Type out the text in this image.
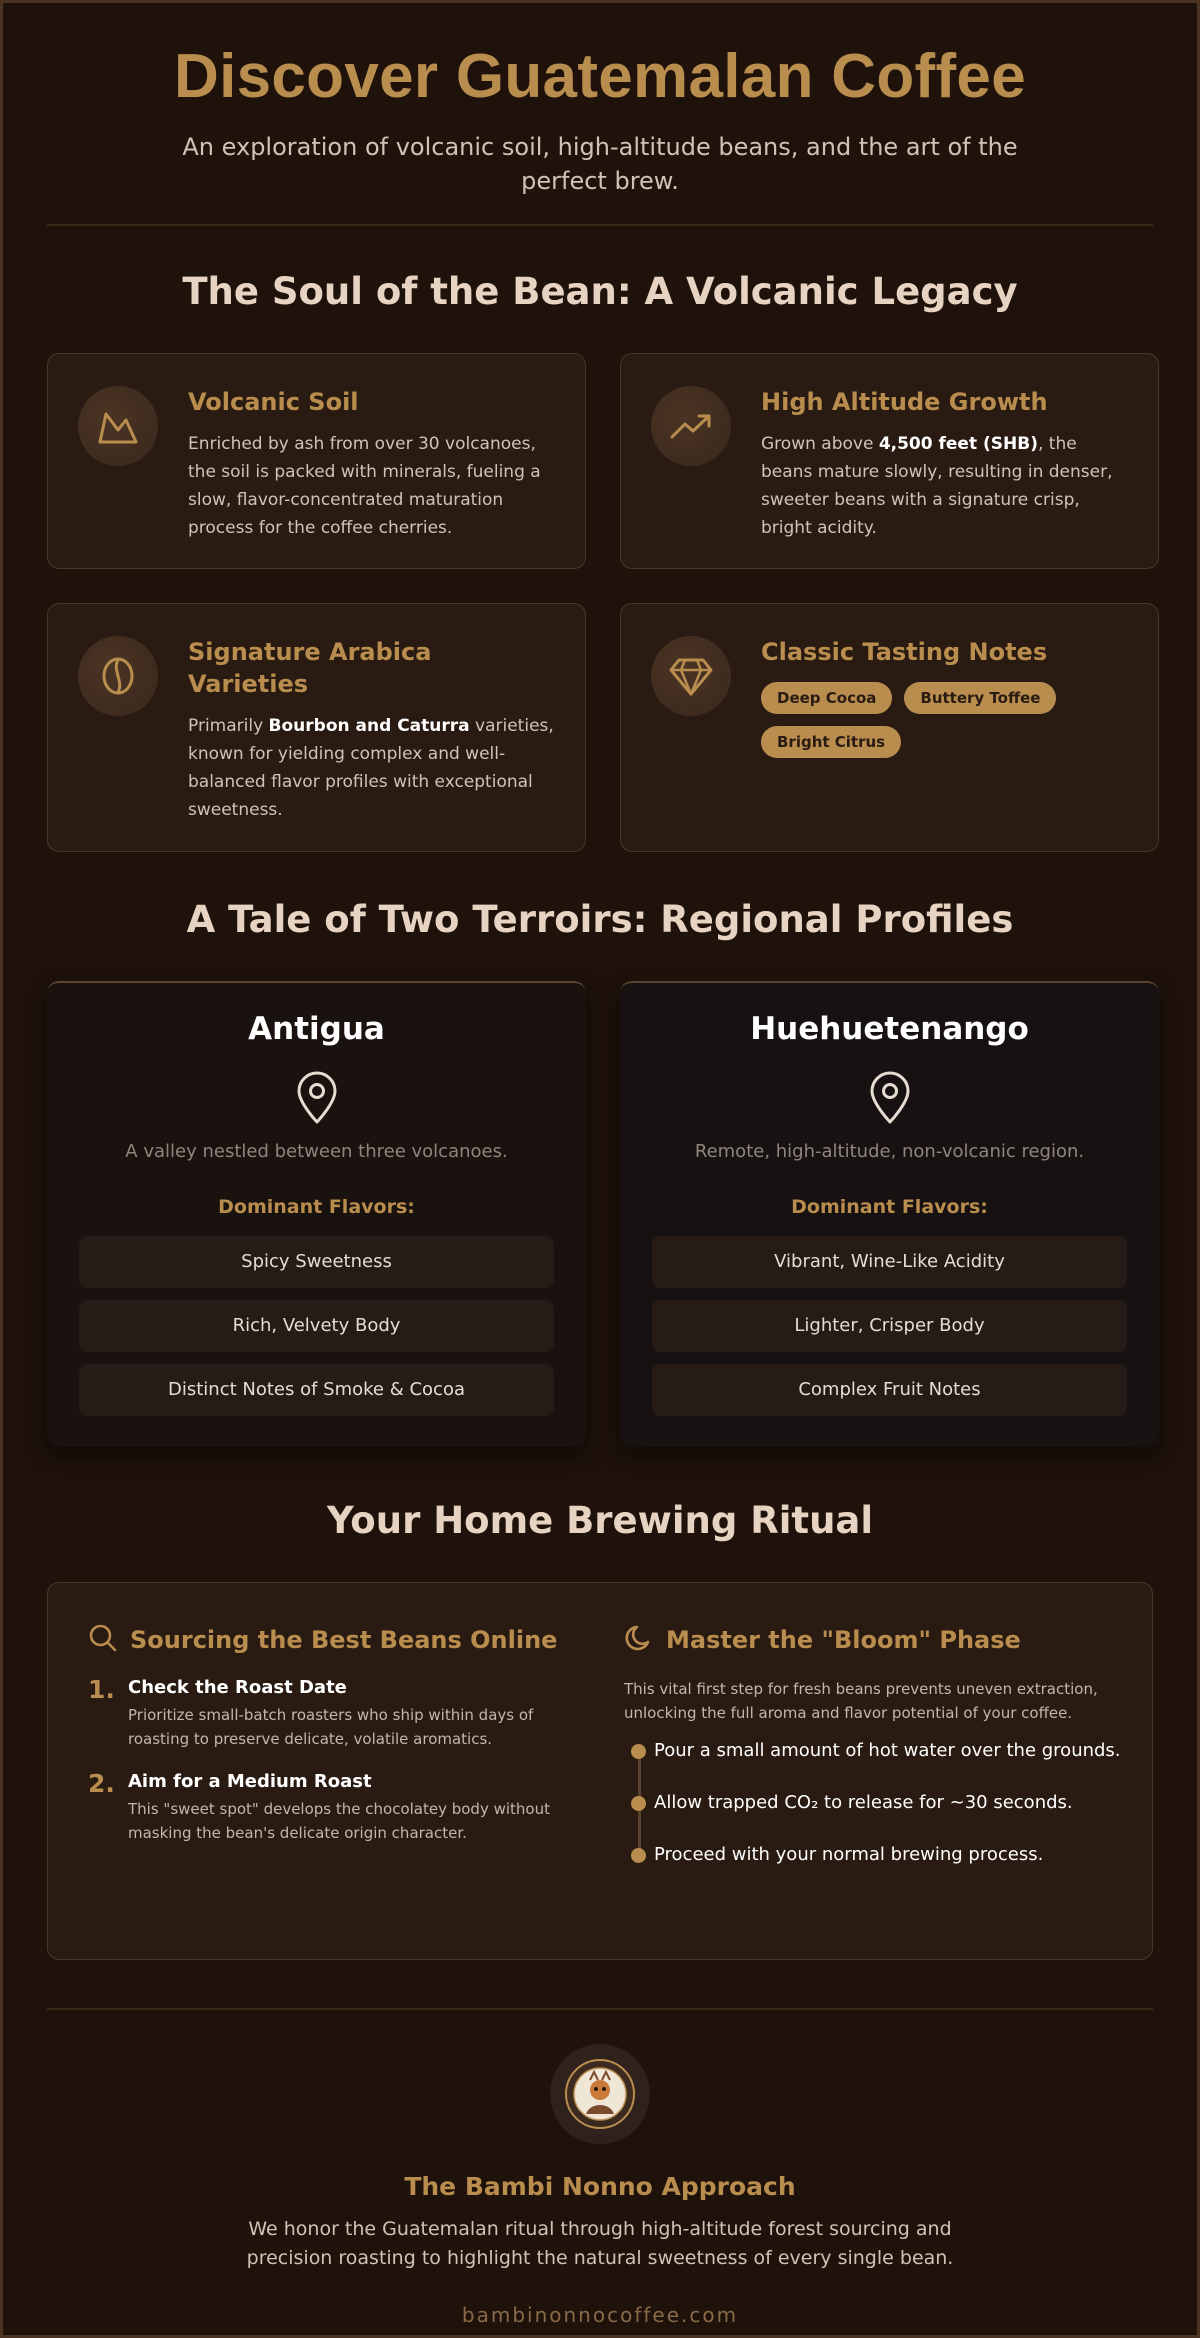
Discover Guatemalan Coffee

An exploration of volcanic soil, high-altitude beans, and the art of the perfect brew.

The Soul of the Bean: A Volcanic Legacy
Volcanic Soil
Enriched by ash from over 30 volcanoes, the soil is packed with minerals, fueling a slow, flavor-concentrated maturation process for the coffee cherries.
High Altitude Growth
Grown above 4,500 feet (SHB), the beans mature slowly, resulting in denser, sweeter beans with a signature crisp, bright acidity.
Signature Arabica Varieties
Primarily Bourbon and Caturra varieties, known for yielding complex and well-balanced flavor profiles with exceptional sweetness.
Classic Tasting Notes
Deep Cocoa	Buttery Toffee
Bright Citrus
A Tale of Two Terroirs: Regional Profiles
Antigua
A valley nestled between three volcanoes.
Dominant Flavors:
Spicy Sweetness
Rich, Velvety Body
Distinct Notes of Smoke & Cocoa
Huehuetenango
Remote, high-altitude, non-volcanic region.
Dominant Flavors:
Vibrant, Wine-Like Acidity
Lighter, Crisper Body
Complex Fruit Notes
Your Home Brewing Ritual
Sourcing the Best Beans Online
1. Check the Roast Date
Prioritize small-batch roasters who ship within days of roasting to preserve delicate, volatile aromatics.
2. Aim for a Medium Roast
This "sweet spot" develops the chocolatey body without masking the bean's delicate origin character.
Master the "Bloom" Phase
This vital first step for fresh beans prevents uneven extraction, unlocking the full aroma and flavor potential of your coffee.
Pour a small amount of hot water over the grounds.
Allow trapped CO₂ to release for ~30 seconds.
Proceed with your normal brewing process.
The Bambi Nonno Approach
We honor the Guatemalan ritual through high-altitude forest sourcing and precision roasting to highlight the natural sweetness of every single bean.
bambinonnocoffee.com
